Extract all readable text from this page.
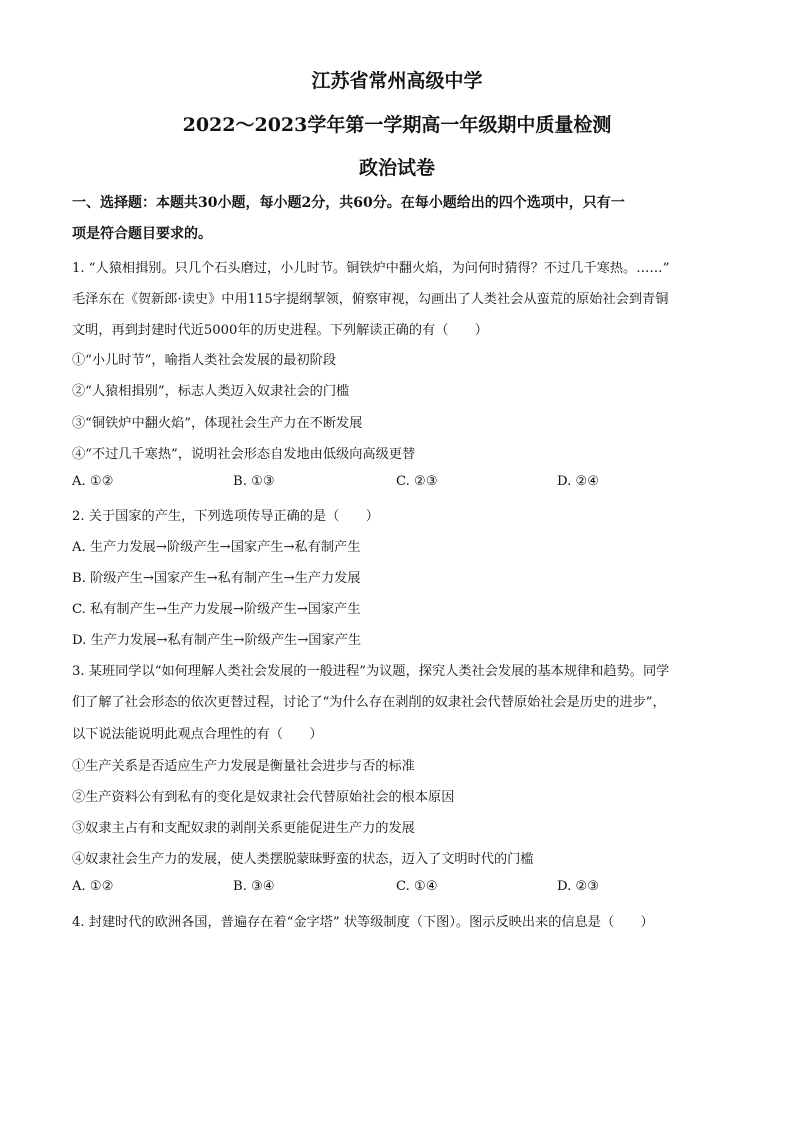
江苏省常州高级中学
2022～2023学年第一学期高一年级期中质量检测
政治试卷
一、选择题：本题共30小题，每小题2分，共60分。在每小题给出的四个选项中，只有一
项是符合题目要求的。
1. “人猿相揖别。只几个石头磨过，小儿时节。铜铁炉中翻火焰，为问何时猜得？不过几千寒热。……”
毛泽东在《贺新郎·读史》中用115字提纲挈领，俯察审视，勾画出了人类社会从蛮荒的原始社会到青铜
文明，再到封建时代近5000年的历史进程。下列解读正确的有（　　）
①“小儿时节”，喻指人类社会发展的最初阶段
②“人猿相揖别”，标志人类迈入奴隶社会的门槛
③“铜铁炉中翻火焰”，体现社会生产力在不断发展
④“不过几千寒热”，说明社会形态自发地由低级向高级更替
A. ①②	B. ①③	C. ②③	D. ②④
2. 关于国家的产生，下列选项传导正确的是（　　）
A. 生产力发展→阶级产生→国家产生→私有制产生
B. 阶级产生→国家产生→私有制产生→生产力发展
C. 私有制产生→生产力发展→阶级产生→国家产生
D. 生产力发展→私有制产生→阶级产生→国家产生
3. 某班同学以“如何理解人类社会发展的一般进程”为议题，探究人类社会发展的基本规律和趋势。同学
们了解了社会形态的依次更替过程，讨论了“为什么存在剥削的奴隶社会代替原始社会是历史的进步”，
以下说法能说明此观点合理性的有（　　）
①生产关系是否适应生产力发展是衡量社会进步与否的标准
②生产资料公有到私有的变化是奴隶社会代替原始社会的根本原因
③奴隶主占有和支配奴隶的剥削关系更能促进生产力的发展
④奴隶社会生产力的发展，使人类摆脱蒙昧野蛮的状态，迈入了文明时代的门槛
A. ①②	B. ③④	C. ①④	D. ②③
4. 封建时代的欧洲各国，普遍存在着“金字塔” 状等级制度（下图）。图示反映出来的信息是（　　）
